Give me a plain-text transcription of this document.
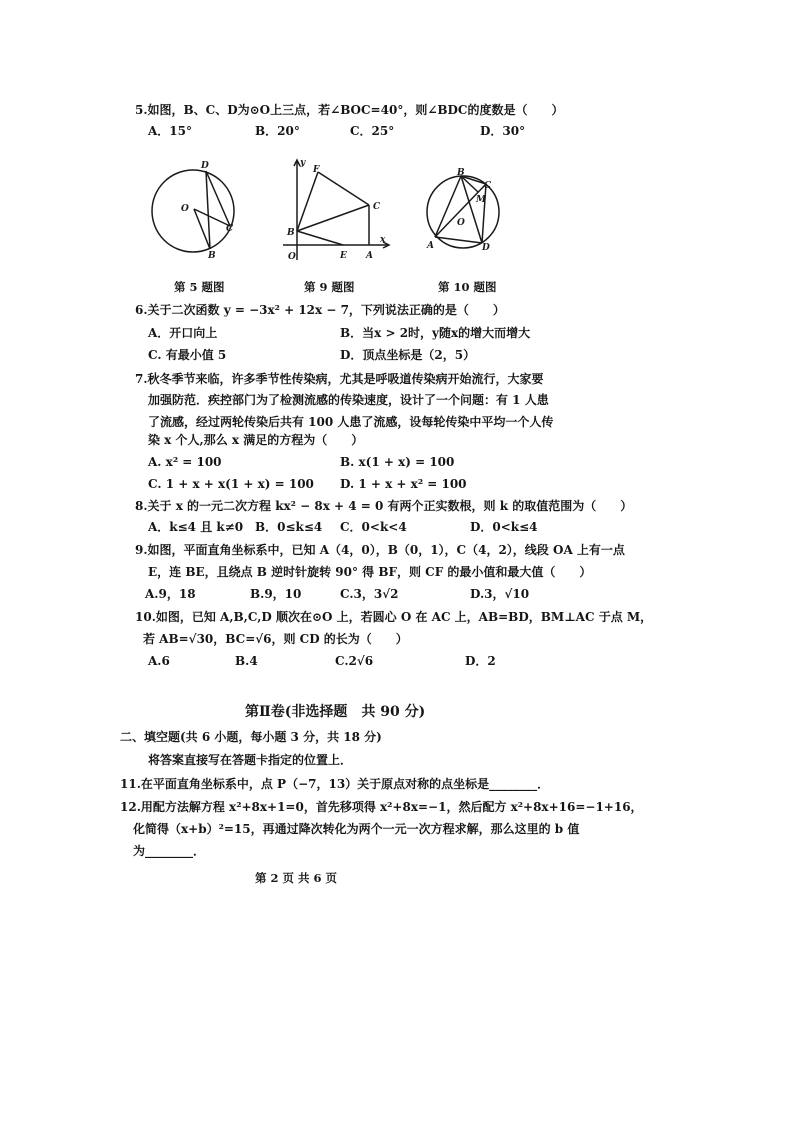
5.如图，B、C、D为⊙O上三点，若∠BOC=40°，则∠BDC的度数是（　　）
A．15°	B．20°	C．25°	D．30°
D
O
C
B
y
F
C
B
x
O	E A
B
C
M
O
A	D
第 5 题图	第 9 题图	第 10 题图
6.关于二次函数 y = −3x² + 12x − 7，下列说法正确的是（　　）
A．开口向上	B．当x > 2时，y随x的增大而增大
C. 有最小值 5	D．顶点坐标是（2，5）
7.秋冬季节来临，许多季节性传染病，尤其是呼吸道传染病开始流行，大家要
加强防范．疾控部门为了检测流感的传染速度，设计了一个问题：有 1 人患
了流感，经过两轮传染后共有 100 人患了流感，设每轮传染中平均一个人传
染 x 个人,那么 x 满足的方程为（　　）
A. x² = 100	B. x(1 + x) = 100
C. 1 + x + x(1 + x) = 100 D. 1 + x + x² = 100
8.关于 x 的一元二次方程 kx² − 8x + 4 = 0 有两个正实数根，则 k 的取值范围为（　　）
A．k≤4 且 k≠0 B．0≤k≤4 C．0<k<4	D．0<k≤4
9.如图，平面直角坐标系中，已知 A（4，0），B（0，1），C（4，2），线段 OA 上有一点
E，连 BE，且绕点 B 逆时针旋转 90° 得 BF，则 CF 的最小值和最大值（　　）
A.9，18	B.9，10	C.3，3√2	D.3，√10
10.如图，已知 A,B,C,D 顺次在⊙O 上，若圆心 O 在 AC 上，AB=BD，BM⊥AC 于点 M，
若 AB=√30，BC=√6，则 CD 的长为（　　）
A.6	B.4	C.2√6	D．2
第Ⅱ卷(非选择题　共 90 分)
二、填空题(共 6 小题，每小题 3 分，共 18 分)
将答案直接写在答题卡指定的位置上．
11.在平面直角坐标系中，点 P（−7，13）关于原点对称的点坐标是________．
12.用配方法解方程 x²+8x+1=0，首先移项得 x²+8x=−1，然后配方 x²+8x+16=−1+16，
化简得（x+b）²=15，再通过降次转化为两个一元一次方程求解，那么这里的 b 值
为________．
第 2 页 共 6 页
